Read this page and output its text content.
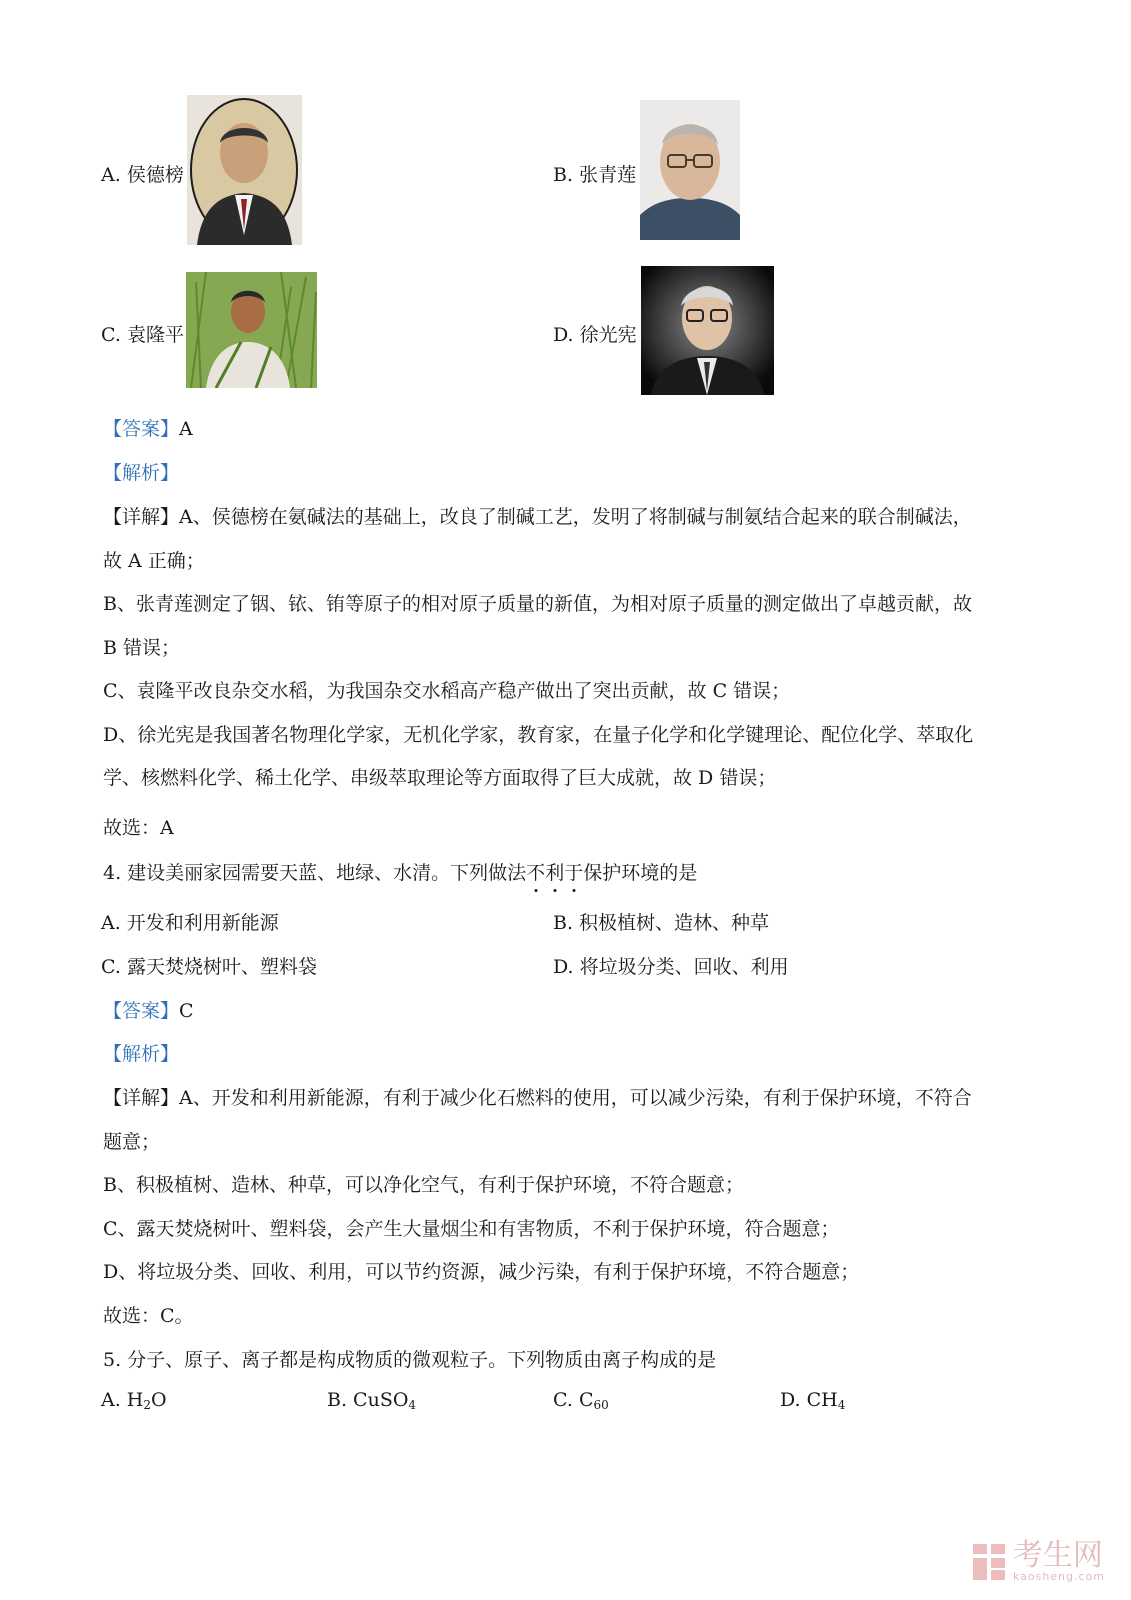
A. 侯德榜	B. 张青莲
C. 袁隆平	D. 徐光宪
【答案】A
【解析】
【详解】A、侯德榜在氨碱法的基础上，改良了制碱工艺，发明了将制碱与制氨结合起来的联合制碱法，
故 A 正确；
B、张青莲测定了铟、铱、铕等原子的相对原子质量的新值，为相对原子质量的测定做出了卓越贡献，故
B 错误；
C、袁隆平改良杂交水稻，为我国杂交水稻高产稳产做出了突出贡献，故 C 错误；
D、徐光宪是我国著名物理化学家，无机化学家，教育家，在量子化学和化学键理论、配位化学、萃取化
学、核燃料化学、稀土化学、串级萃取理论等方面取得了巨大成就，故 D 错误；
故选：A
4. 建设美丽家园需要天蓝、地绿、水清。下列做法不利于保护环境的是
A. 开发和利用新能源	B. 积极植树、造林、种草
C. 露天焚烧树叶、塑料袋	D. 将垃圾分类、回收、利用
【答案】C
【解析】
【详解】A、开发和利用新能源，有利于减少化石燃料的使用，可以减少污染，有利于保护环境，不符合
题意；
B、积极植树、造林、种草，可以净化空气，有利于保护环境，不符合题意；
C、露天焚烧树叶、塑料袋，会产生大量烟尘和有害物质，不利于保护环境，符合题意；
D、将垃圾分类、回收、利用，可以节约资源，减少污染，有利于保护环境，不符合题意；
故选：C。
5. 分子、原子、离子都是构成物质的微观粒子。下列物质由离子构成的是
A. $H_2O$	B. CuSO$_4$	C. $C_{60}$	D. $CH_4$
考生网
kaosheng.com
